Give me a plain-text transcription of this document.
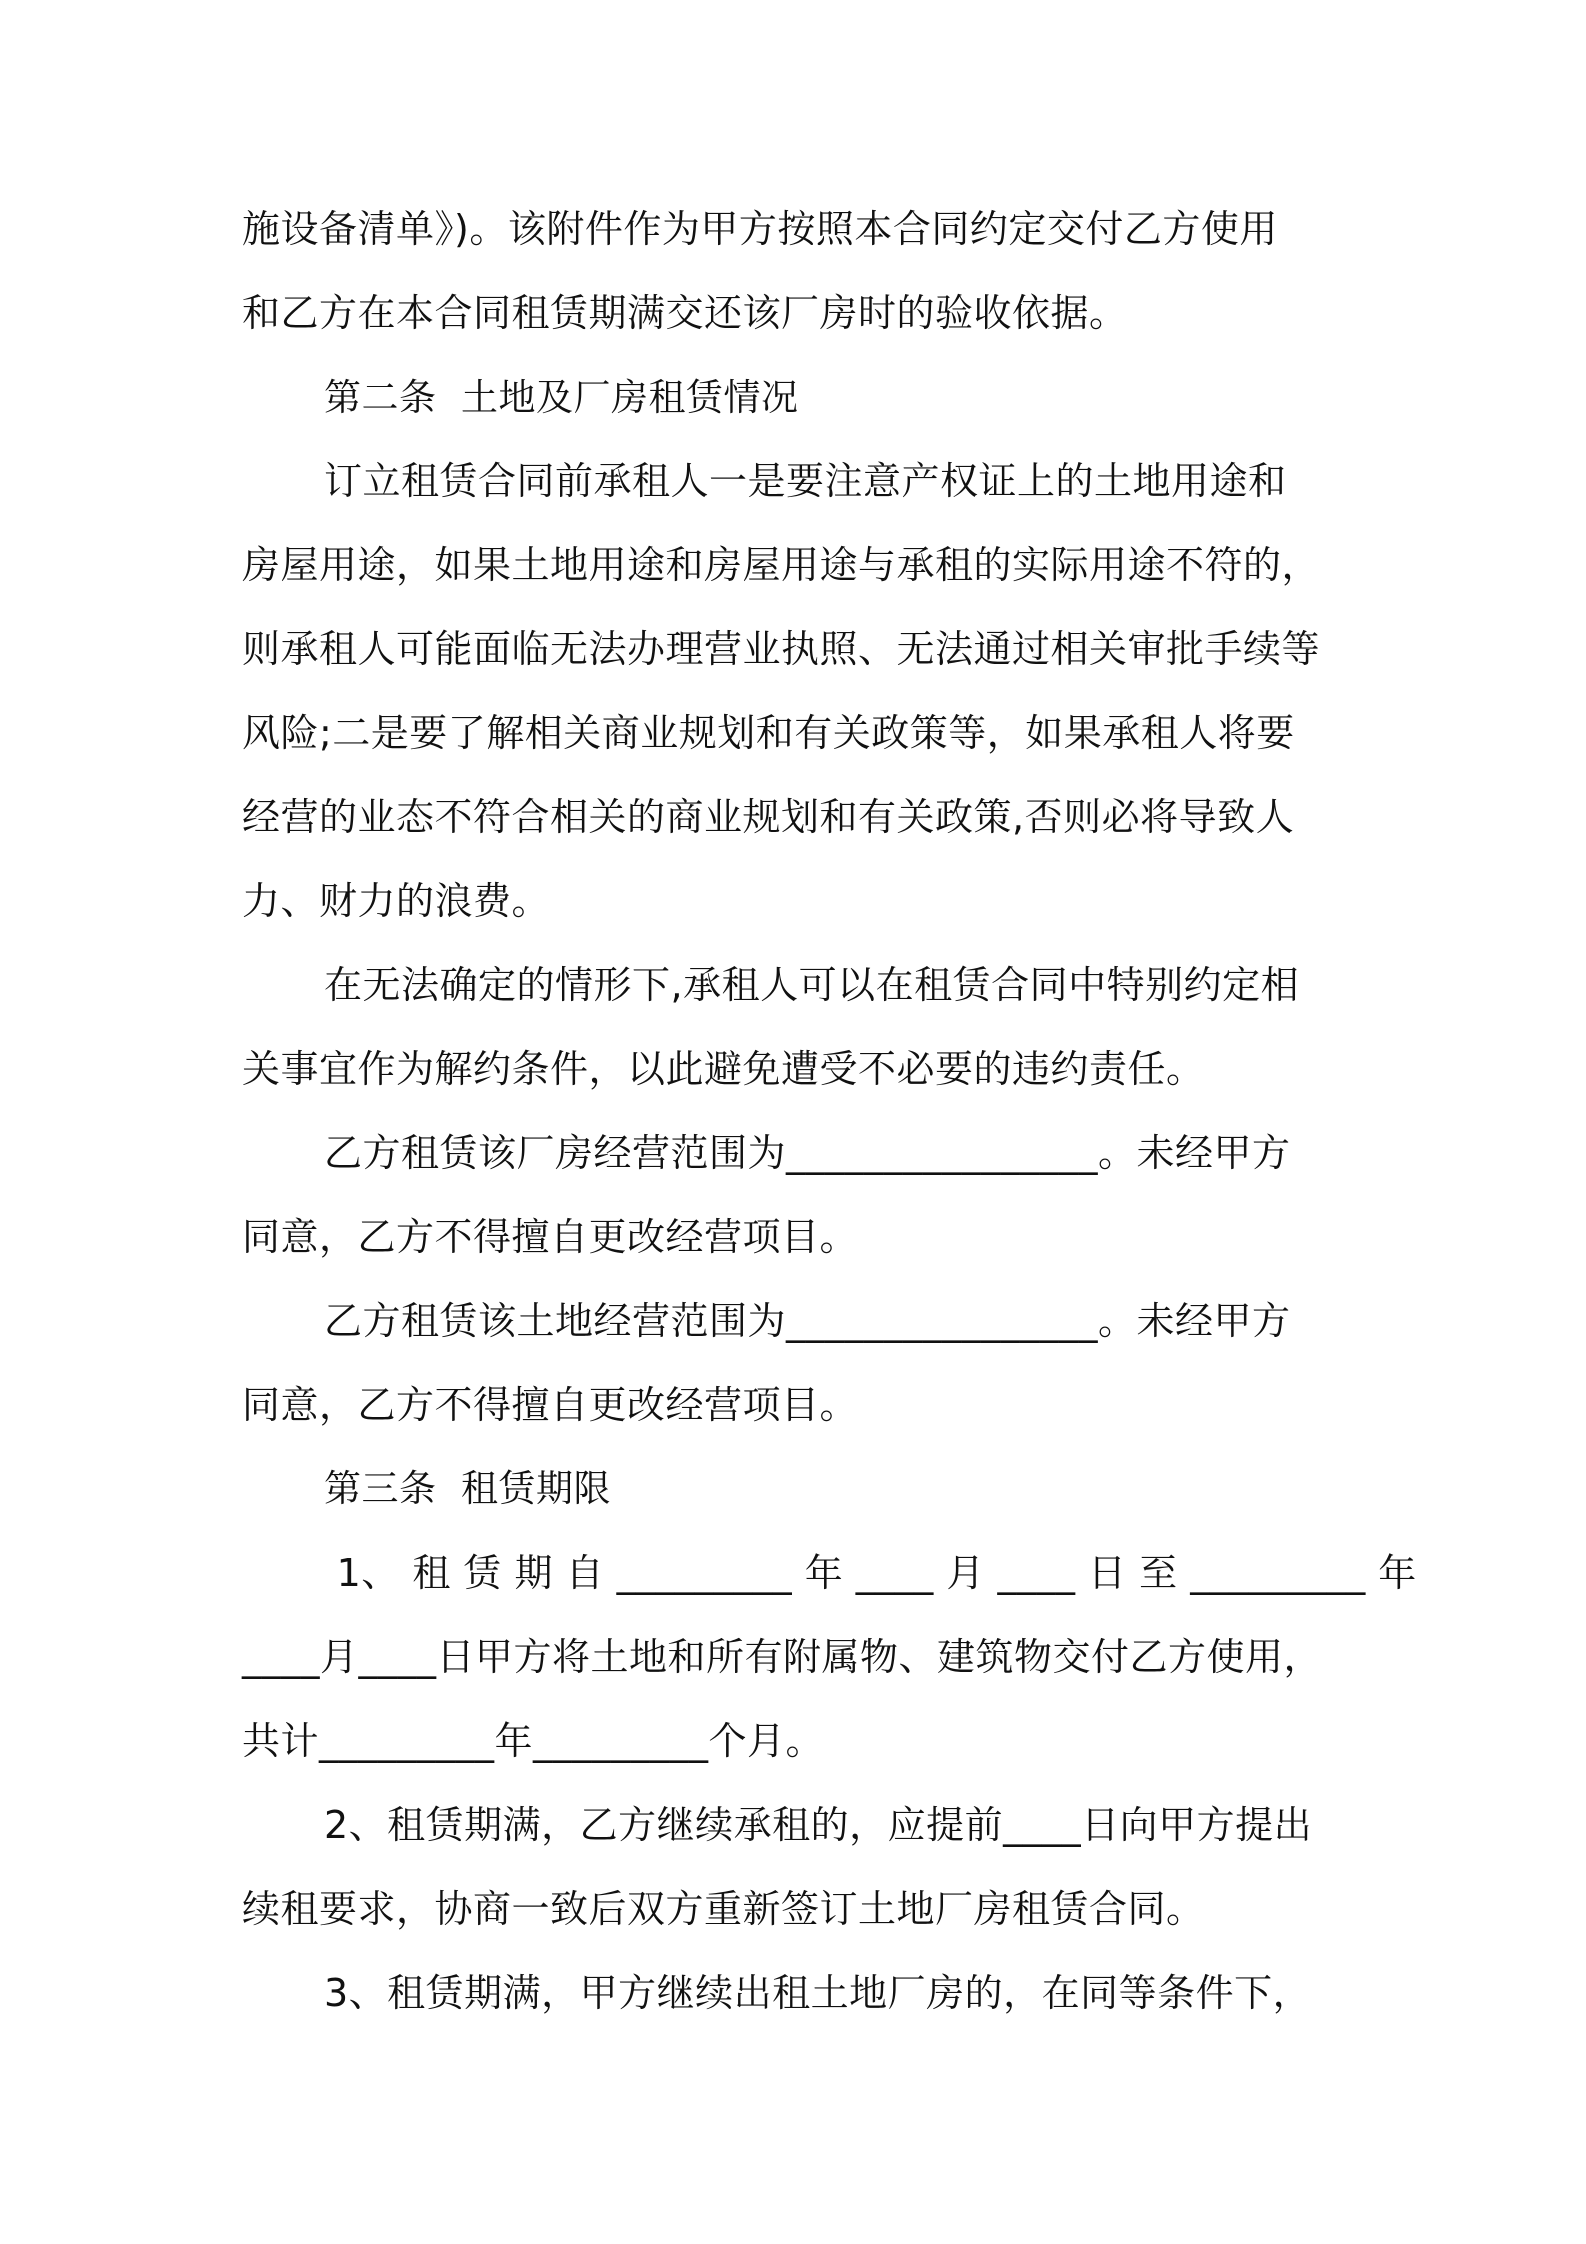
施设备清单》)。该附件作为甲方按照本合同约定交付乙方使用
和乙方在本合同租赁期满交还该厂房时的验收依据。
第二条  土地及厂房租赁情况
订立租赁合同前承租人一是要注意产权证上的土地用途和
房屋用途，如果土地用途和房屋用途与承租的实际用途不符的，
则承租人可能面临无法办理营业执照、无法通过相关审批手续等
风险;二是要了解相关商业规划和有关政策等，如果承租人将要
经营的业态不符合相关的商业规划和有关政策,否则必将导致人
力、财力的浪费。
在无法确定的情形下,承租人可以在租赁合同中特别约定相
关事宜作为解约条件，以此避免遭受不必要的违约责任。
乙方租赁该厂房经营范围为________________。未经甲方
同意，乙方不得擅自更改经营项目。
乙方租赁该土地经营范围为________________。未经甲方
同意，乙方不得擅自更改经营项目。
第三条  租赁期限
1、 租 赁 期 自 _________ 年 ____ 月 ____ 日 至 _________ 年
____月____日甲方将土地和所有附属物、建筑物交付乙方使用，
共计_________年_________个月。
2、租赁期满，乙方继续承租的，应提前____日向甲方提出
续租要求，协商一致后双方重新签订土地厂房租赁合同。
3、租赁期满，甲方继续出租土地厂房的，在同等条件下，
